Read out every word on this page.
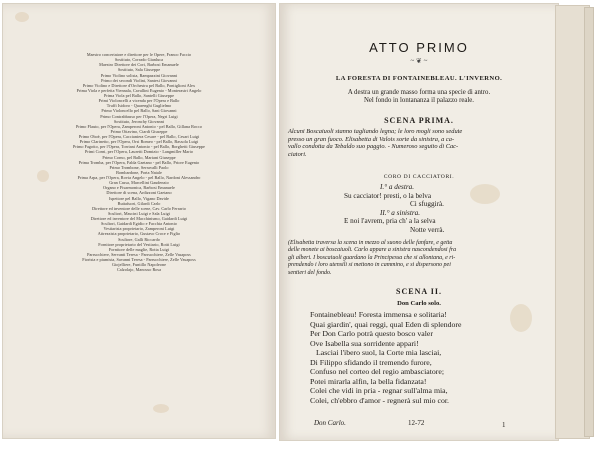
Maestro concertatore e direttore per le Opere, Franco Faccio
Sostituto, Corrado Gianluca
Maestro Direttore dei Cori, Barbosi Emanuele
Sostituto, Sala Giuseppe
Primo Violino solista, Rampazzini Giovanni
Primo dei secondi Violini, Santesi Giovanni
Primo Violino e Direttore d'Orchestra pel Ballo, Pontiglioni Alex
Prima Viola e perfetta Viennala, Cavallini Eugenio - Monterastri Angelo
Prima Viola pel Ballo, Santelli Giuseppe
Primi Violoncelli a vicenda per l'Opera e Ballo
Truffi Isidoro - Quarenghi Guglielmo
Primo Violoncello pel Ballo, Sani Giovanni
Primo Contrabbasso per l'Opera, Negri Luigi
Sostituto, Jeronchy Giovanni
Primo Flauto, per l'Opera, Zamperoni Antonio - pel Ballo, Gillana Rocco
Primo Ottavino, Ciardi Giuseppe
Primo Oboè, per l'Opera, Caccianiera Cesare - pel Ballo, Cesari Luigi
Primo Clarinetto, per l'Opera, Orsi Romeo - pel Ballo, Bassola Luigi
Primo Fagotto, per l'Opera, Torriani Antonio - pel Ballo, Borghetti Giuseppe
Primi Corni, per l'Opera, Lauretti Domizio - Langmiller Mario
Primo Corno, pel Ballo, Mariani Giuseppe
Prima Tromba, per l'Opera, Falda Gaetano - pel Ballo, Priore Eugenio
Primo Trombone, Serravalli Paolo
Bombardone, Porta Natale
Prima Arpa, per l'Opera, Rovia Angelo - pel Ballo, Nardoni Alessandro
Gran Cassa, Marcellini Gaudenzio
Organo e Fisarmonica, Barbosi Emanuele
Direttore di scena, Ardizzoni Gaetano
Ispettore pel Ballo, Vigano Davide
Buttafuori, Gilardi Carlo
Direttore ed inventore delle scene, Cav. Carlo Ferrario
Scultori, Mascini Luigi e Sala Luigi
Direttore ed inventore del Macchinismo, Gaidardi Luigi
Scultori, Gaidardi Egidio e Facchia Antonio
Vestiarista proprietario, Zamperoni Luigi
Attrezzista proprietario, Gustavo Croce e Figlio
Scultore, Galli Riccardo
Fornitore proprietario del Vestiario, Rotti Luigi
Fornitore delle maglie, Rotta Luigi
Parrucchiere, Servanti Teresa - Parrucchiere, Zelle Vasaposs
Fiorista e piumista, Savanni Teresa - Parrucchiere, Zelle Vasaposs
Giojelliere, Funtillo Napoleone
Calzolajo, Mancuso Rosa
ATTO PRIMO
~ ❦ ~
LA FORESTA DI FONTAINEBLEAU. L'INVERNO.
A destra un grande masso forma una specie di antro.
Nel fondo in lontananza il palazzo reale.
SCENA PRIMA.
Alcuni Boscaiuoli stanno tagliando legna; le loro mogli sono sedute
presso un gran fuoco. Elisabetta di Valois sorte da sinistra, a ca-
vallo condotta da Tebaldo suo paggio. - Numeroso seguito di Cac-
ciatori.
CORO DI CACCIATORI.
I.° a destra.
Su cacciator! presti, o la belva
Ci sfuggirà.
II.° a sinistra.
E noi l'avrem, pria ch' a la selva
Notte verrà.
(Elisabetta traversa la scena in mezzo al suono delle fanfare, e getta
delle monete ai boscaiuoli. Carlo appare a sinistra nascondendosi fra
gli alberi. I boscaiuoli guardano la Principessa che si allontana, e ri-
prendendo i loro utensili si mettono in cammino, e si dispersono pei
sentieri del fondo.
SCENA II.
Don Carlo solo.
Fontainebleau! Foresta immensa e solitaria!
Quai giardin', quai reggi, qual Eden di splendore
Per Don Carlo potrà questo bosco valer
Ove Isabella sua sorridente appari!
Lasciai l'ibero suol, la Corte mia lasciai,
Di Filippo sfidando il tremendo furore,
Confuso nel corteo del regio ambasciatore;
Potei mirarla alfin, la bella fidanzata!
Colei che vidi in pria - regnar sull'alma mia,
Colei, ch'ebbro d'amor - regnerà sul mio cor.
Don Carlo.	12-72	1
